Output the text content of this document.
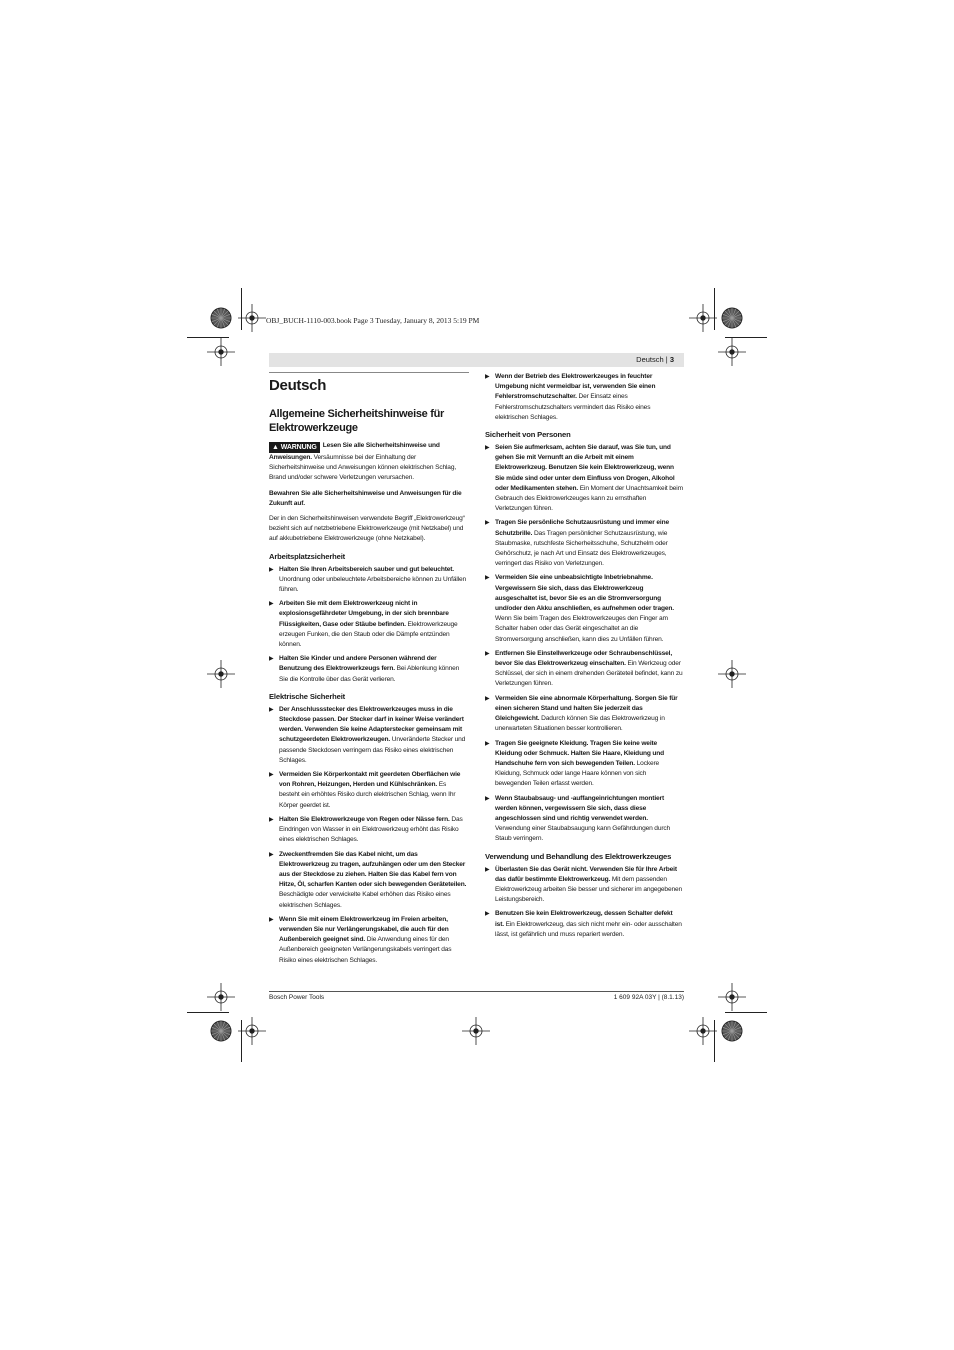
OBJ_BUCH-1110-003.book Page 3 Tuesday, January 8, 2013 5:19 PM
Deutsch | 3
Deutsch
Allgemeine Sicherheitshinweise für Elektrowerkzeuge

▲ WARNUNG Lesen Sie alle Sicherheitshinweise und Anweisungen. Versäumnisse bei der Einhaltung der Sicherheitshinweise und Anweisungen können elektrischen Schlag, Brand und/oder schwere Verletzungen verursachen.

Bewahren Sie alle Sicherheitshinweise und Anweisungen für die Zukunft auf.

Der in den Sicherheitshinweisen verwendete Begriff „Elektrowerkzeug“ bezieht sich auf netzbetriebene Elektrowerkzeuge (mit Netzkabel) und auf akkubetriebene Elektrowerkzeuge (ohne Netzkabel).

Arbeitsplatzsicherheit
▶ Halten Sie Ihren Arbeitsbereich sauber und gut beleuchtet. Unordnung oder unbeleuchtete Arbeitsbereiche können zu Unfällen führen.
▶ Arbeiten Sie mit dem Elektrowerkzeug nicht in explosionsgefährdeter Umgebung, in der sich brennbare Flüssigkeiten, Gase oder Stäube befinden. Elektrowerkzeuge erzeugen Funken, die den Staub oder die Dämpfe entzünden können.
▶ Halten Sie Kinder und andere Personen während der Benutzung des Elektrowerkzeugs fern. Bei Ablenkung können Sie die Kontrolle über das Gerät verlieren.
Elektrische Sicherheit
▶ Der Anschlussstecker des Elektrowerkzeuges muss in die Steckdose passen. Der Stecker darf in keiner Weise verändert werden. Verwenden Sie keine Adapterstecker gemeinsam mit schutzgeerdeten Elektrowerkzeugen. Unveränderte Stecker und passende Steckdosen verringern das Risiko eines elektrischen Schlages.
▶ Vermeiden Sie Körperkontakt mit geerdeten Oberflächen wie von Rohren, Heizungen, Herden und Kühlschränken. Es besteht ein erhöhtes Risiko durch elektrischen Schlag, wenn Ihr Körper geerdet ist.
▶ Halten Sie Elektrowerkzeuge von Regen oder Nässe fern. Das Eindringen von Wasser in ein Elektrowerkzeug erhöht das Risiko eines elektrischen Schlages.
▶ Zweckentfremden Sie das Kabel nicht, um das Elektrowerkzeug zu tragen, aufzuhängen oder um den Stecker aus der Steckdose zu ziehen. Halten Sie das Kabel fern von Hitze, Öl, scharfen Kanten oder sich bewegenden Geräteteilen. Beschädigte oder verwickelte Kabel erhöhen das Risiko eines elektrischen Schlages.
▶ Wenn Sie mit einem Elektrowerkzeug im Freien arbeiten, verwenden Sie nur Verlängerungskabel, die auch für den Außenbereich geeignet sind. Die Anwendung eines für den Außenbereich geeigneten Verlängerungskabels verringert das Risiko eines elektrischen Schlages.
▶ Wenn der Betrieb des Elektrowerkzeuges in feuchter Umgebung nicht vermeidbar ist, verwenden Sie einen Fehlerstromschutzschalter. Der Einsatz eines Fehlerstromschutzschalters vermindert das Risiko eines elektrischen Schlages.
Sicherheit von Personen
▶ Seien Sie aufmerksam, achten Sie darauf, was Sie tun, und gehen Sie mit Vernunft an die Arbeit mit einem Elektrowerkzeug. Benutzen Sie kein Elektrowerkzeug, wenn Sie müde sind oder unter dem Einfluss von Drogen, Alkohol oder Medikamenten stehen. Ein Moment der Unachtsamkeit beim Gebrauch des Elektrowerkzeuges kann zu ernsthaften Verletzungen führen.
▶ Tragen Sie persönliche Schutzausrüstung und immer eine Schutzbrille. Das Tragen persönlicher Schutzausrüstung, wie Staubmaske, rutschfeste Sicherheitsschuhe, Schutzhelm oder Gehörschutz, je nach Art und Einsatz des Elektrowerkzeuges, verringert das Risiko von Verletzungen.
▶ Vermeiden Sie eine unbeabsichtigte Inbetriebnahme. Vergewissern Sie sich, dass das Elektrowerkzeug ausgeschaltet ist, bevor Sie es an die Stromversorgung und/oder den Akku anschließen, es aufnehmen oder tragen. Wenn Sie beim Tragen des Elektrowerkzeuges den Finger am Schalter haben oder das Gerät eingeschaltet an die Stromversorgung anschließen, kann dies zu Unfällen führen.
▶ Entfernen Sie Einstellwerkzeuge oder Schraubenschlüssel, bevor Sie das Elektrowerkzeug einschalten. Ein Werkzeug oder Schlüssel, der sich in einem drehenden Geräteteil befindet, kann zu Verletzungen führen.
▶ Vermeiden Sie eine abnormale Körperhaltung. Sorgen Sie für einen sicheren Stand und halten Sie jederzeit das Gleichgewicht. Dadurch können Sie das Elektrowerkzeug in unerwarteten Situationen besser kontrollieren.
▶ Tragen Sie geeignete Kleidung. Tragen Sie keine weite Kleidung oder Schmuck. Halten Sie Haare, Kleidung und Handschuhe fern von sich bewegenden Teilen. Lockere Kleidung, Schmuck oder lange Haare können von sich bewegenden Teilen erfasst werden.
▶ Wenn Staubabsaug- und -auffangeinrichtungen montiert werden können, vergewissern Sie sich, dass diese angeschlossen sind und richtig verwendet werden. Verwendung einer Staubabsaugung kann Gefährdungen durch Staub verringern.
Verwendung und Behandlung des Elektrowerkzeuges
▶ Überlasten Sie das Gerät nicht. Verwenden Sie für Ihre Arbeit das dafür bestimmte Elektrowerkzeug. Mit dem passenden Elektrowerkzeug arbeiten Sie besser und sicherer im angegebenen Leistungsbereich.
▶ Benutzen Sie kein Elektrowerkzeug, dessen Schalter defekt ist. Ein Elektrowerkzeug, das sich nicht mehr ein- oder ausschalten lässt, ist gefährlich und muss repariert werden.
Bosch Power Tools	1 609 92A 03Y | (8.1.13)
